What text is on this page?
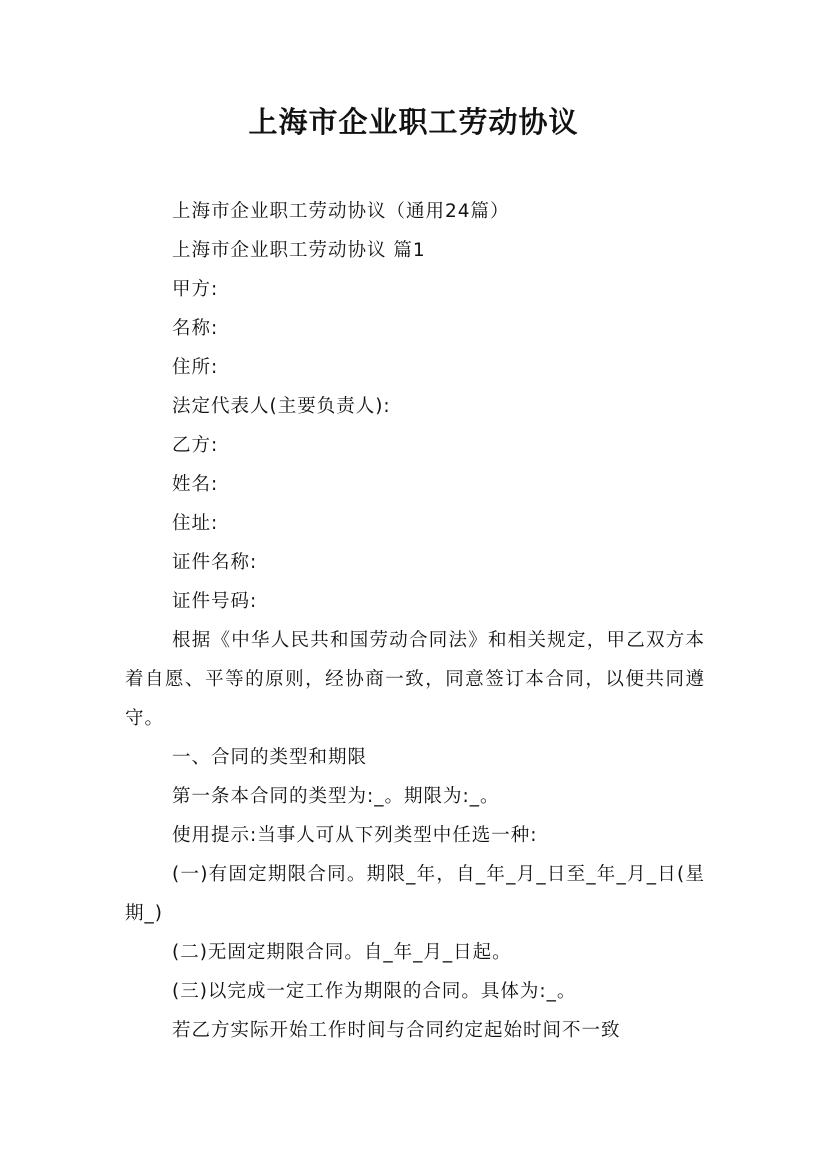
上海市企业职工劳动协议

上海市企业职工劳动协议（通用24篇）

上海市企业职工劳动协议 篇1

甲方:

名称:

住所:

法定代表人(主要负责人):

乙方:

姓名:

住址:

证件名称:

证件号码:

根据《中华人民共和国劳动合同法》和相关规定，甲乙双方本着自愿、平等的原则，经协商一致，同意签订本合同，以便共同遵守。

一、合同的类型和期限

第一条本合同的类型为:_。期限为:_。

使用提示:当事人可从下列类型中任选一种:

(一)有固定期限合同。期限_年，自_年_月_日至_年_月_日(星期_)

(二)无固定期限合同。自_年_月_日起。

(三)以完成一定工作为期限的合同。具体为:_。

若乙方实际开始工作时间与合同约定起始时间不一致
